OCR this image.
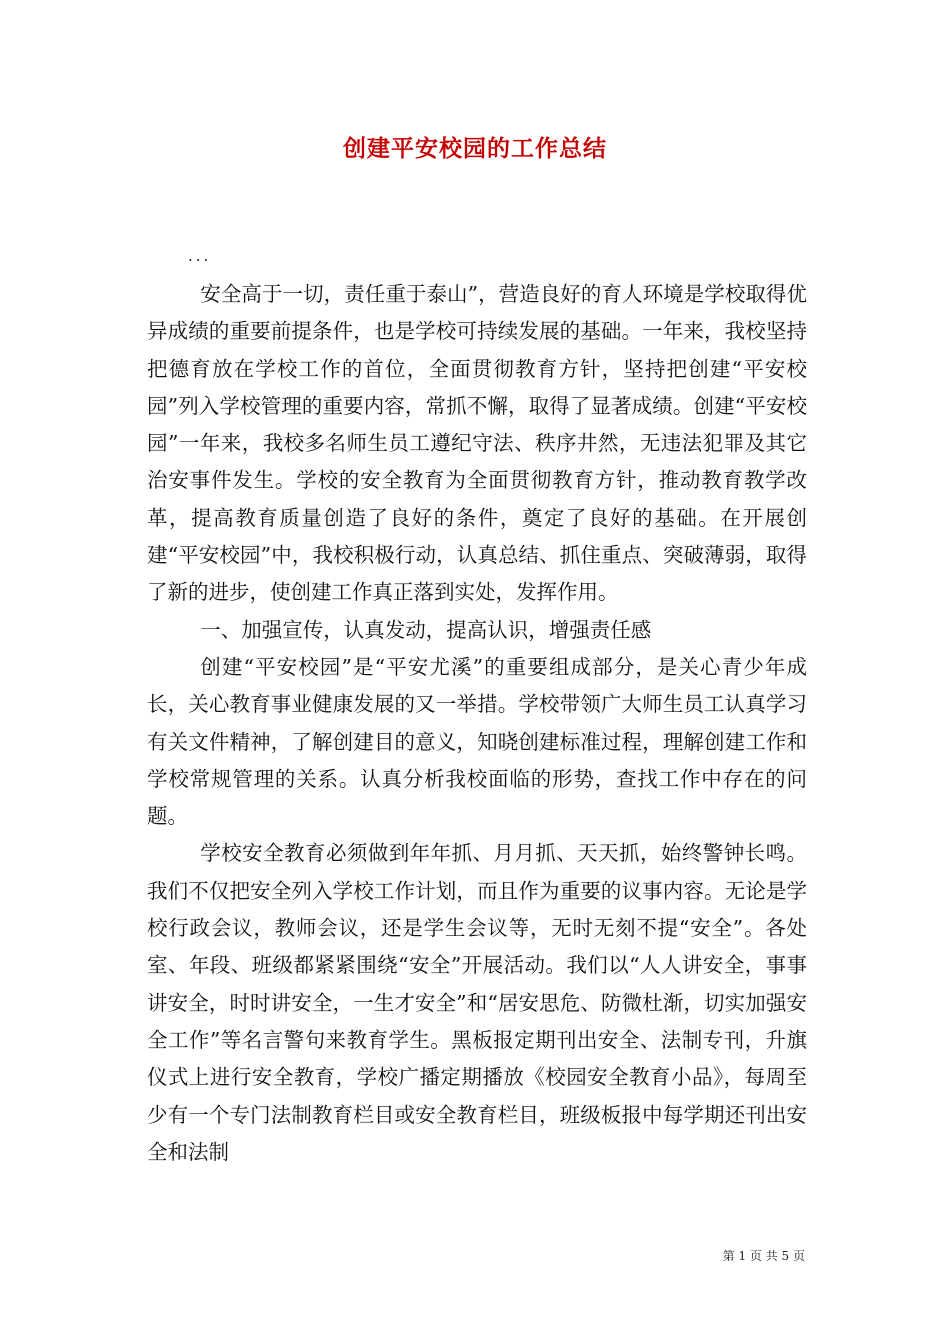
创建平安校园的工作总结
...

安全高于一切，责任重于泰山”，营造良好的育人环境是学校取得优异成绩的重要前提条件，也是学校可持续发展的基础。一年来，我校坚持把德育放在学校工作的首位，全面贯彻教育方针，坚持把创建“平安校园”列入学校管理的重要内容，常抓不懈，取得了显著成绩。创建“平安校园”一年来，我校多名师生员工遵纪守法、秩序井然，无违法犯罪及其它治安事件发生。学校的安全教育为全面贯彻教育方针，推动教育教学改革，提高教育质量创造了良好的条件，奠定了良好的基础。在开展创建“平安校园”中，我校积极行动，认真总结、抓住重点、突破薄弱，取得了新的进步，使创建工作真正落到实处，发挥作用。

一、加强宣传，认真发动，提高认识，增强责任感

创建“平安校园”是“平安尤溪”的重要组成部分，是关心青少年成长，关心教育事业健康发展的又一举措。学校带领广大师生员工认真学习有关文件精神，了解创建目的意义，知晓创建标准过程，理解创建工作和学校常规管理的关系。认真分析我校面临的形势，查找工作中存在的问题。

学校安全教育必须做到年年抓、月月抓、天天抓，始终警钟长鸣。我们不仅把安全列入学校工作计划，而且作为重要的议事内容。无论是学校行政会议，教师会议，还是学生会议等，无时无刻不提“安全”。各处室、年段、班级都紧紧围绕“安全”开展活动。我们以“人人讲安全，事事讲安全，时时讲安全，一生才安全”和“居安思危、防微杜渐，切实加强安全工作”等名言警句来教育学生。黑板报定期刊出安全、法制专刊，升旗仪式上进行安全教育，学校广播定期播放《校园安全教育小品》，每周至少有一个专门法制教育栏目或安全教育栏目，班级板报中每学期还刊出安全和法制

第 1 页 共 5 页
